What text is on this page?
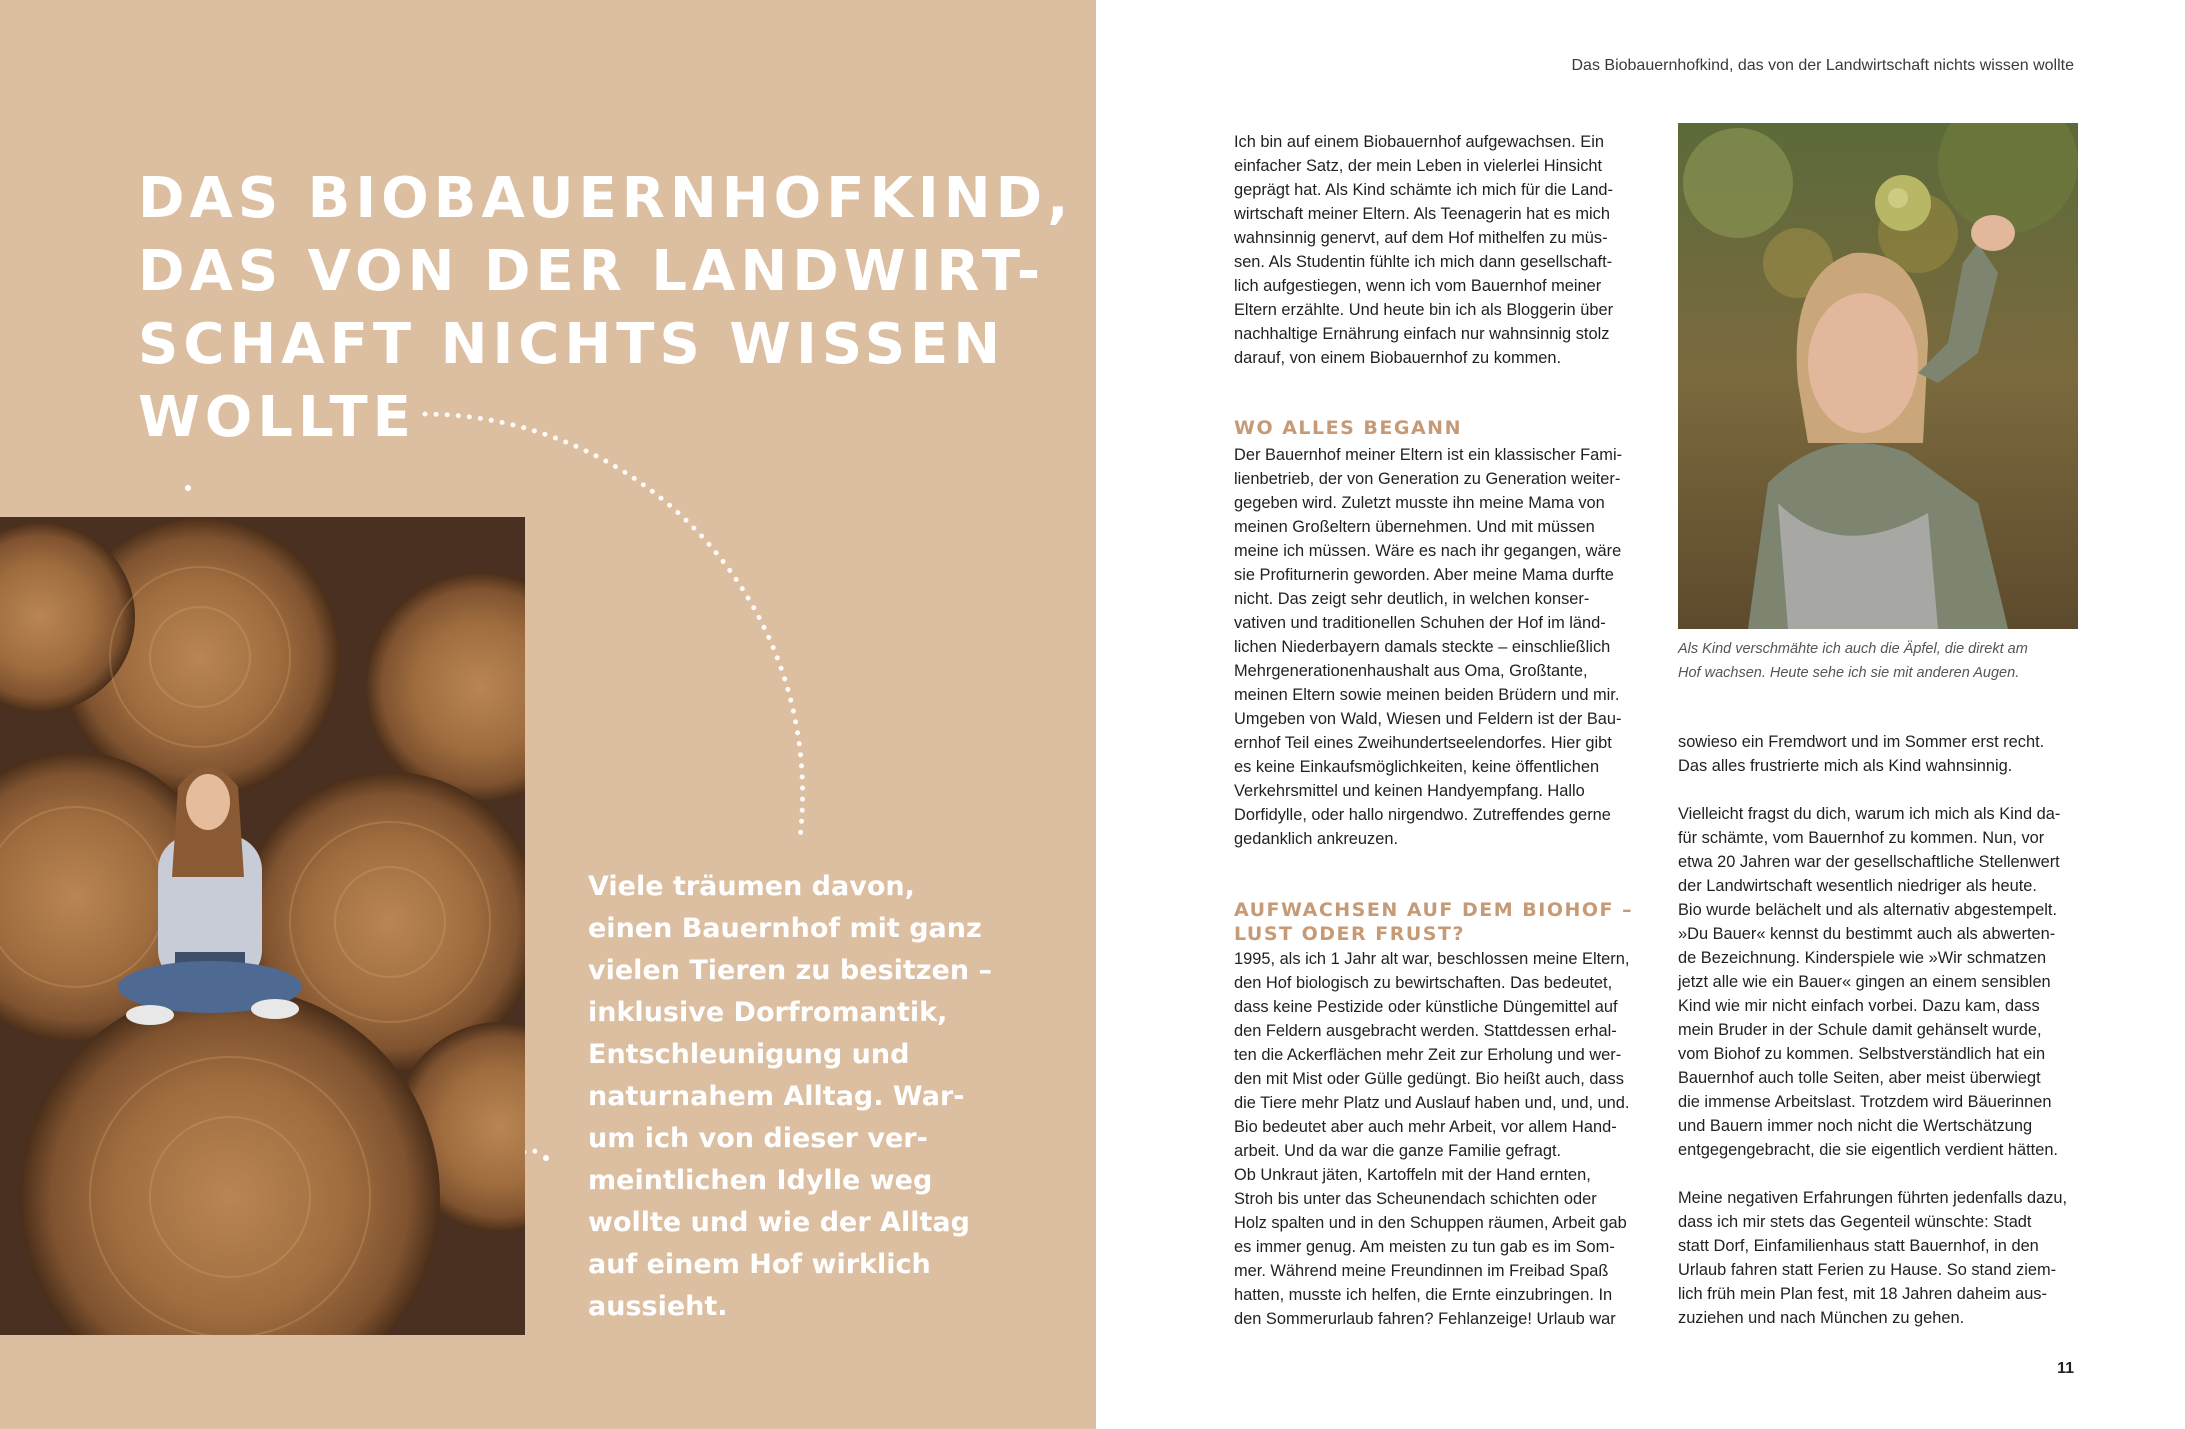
DAS BIOBAUERNHOFKIND,
DAS VON DER LANDWIRT-
SCHAFT NICHTS WISSEN
WOLLTE

Viele träumen davon,
einen Bauernhof mit ganz
vielen Tieren zu besitzen –
inklusive Dorfromantik,
Entschleunigung und
naturnahem Alltag. War-
um ich von dieser ver-
meintlichen Idylle weg
wollte und wie der Alltag
auf einem Hof wirklich
aussieht.

Das Biobauernhofkind, das von der Landwirtschaft nichts wissen wollte
Ich bin auf einem Biobauernhof aufgewachsen. Ein
einfacher Satz, der mein Leben in vielerlei Hinsicht
geprägt hat. Als Kind schämte ich mich für die Land-
wirtschaft meiner Eltern. Als Teenagerin hat es mich
wahnsinnig genervt, auf dem Hof mithelfen zu müs-
sen. Als Studentin fühlte ich mich dann gesellschaft-
lich aufgestiegen, wenn ich vom Bauernhof meiner
Eltern erzählte. Und heute bin ich als Bloggerin über
nachhaltige Ernährung einfach nur wahnsinnig stolz
darauf, von einem Biobauernhof zu kommen.
WO ALLES BEGANN
Der Bauernhof meiner Eltern ist ein klassischer Fami-
lienbetrieb, der von Generation zu Generation weiter-
gegeben wird. Zuletzt musste ihn meine Mama von
meinen Großeltern übernehmen. Und mit müssen
meine ich müssen. Wäre es nach ihr gegangen, wäre
sie Profiturnerin geworden. Aber meine Mama durfte
nicht. Das zeigt sehr deutlich, in welchen konser-
vativen und traditionellen Schuhen der Hof im länd-
lichen Niederbayern damals steckte – einschließlich
Mehrgenerationenhaushalt aus Oma, Großtante,
meinen Eltern sowie meinen beiden Brüdern und mir.
Umgeben von Wald, Wiesen und Feldern ist der Bau-
ernhof Teil eines Zweihundertseelendorfes. Hier gibt
es keine Einkaufsmöglichkeiten, keine öffentlichen
Verkehrsmittel und keinen Handyempfang. Hallo
Dorfidylle, oder hallo nirgendwo. Zutreffendes gerne
gedanklich ankreuzen.
AUFWACHSEN AUF DEM BIOHOF –
LUST ODER FRUST?
1995, als ich 1 Jahr alt war, beschlossen meine Eltern,
den Hof biologisch zu bewirtschaften. Das bedeutet,
dass keine Pestizide oder künstliche Düngemittel auf
den Feldern ausgebracht werden. Stattdessen erhal-
ten die Ackerflächen mehr Zeit zur Erholung und wer-
den mit Mist oder Gülle gedüngt. Bio heißt auch, dass
die Tiere mehr Platz und Auslauf haben und, und, und.
Bio bedeutet aber auch mehr Arbeit, vor allem Hand-
arbeit. Und da war die ganze Familie gefragt.
Ob Unkraut jäten, Kartoffeln mit der Hand ernten,
Stroh bis unter das Scheunendach schichten oder
Holz spalten und in den Schuppen räumen, Arbeit gab
es immer genug. Am meisten zu tun gab es im Som-
mer. Während meine Freundinnen im Freibad Spaß
hatten, musste ich helfen, die Ernte einzubringen. In
den Sommerurlaub fahren? Fehlanzeige! Urlaub war
Als Kind verschmähte ich auch die Äpfel, die direkt am
Hof wachsen. Heute sehe ich sie mit anderen Augen.
sowieso ein Fremdwort und im Sommer erst recht.
Das alles frustrierte mich als Kind wahnsinnig.
Vielleicht fragst du dich, warum ich mich als Kind da-
für schämte, vom Bauernhof zu kommen. Nun, vor
etwa 20 Jahren war der gesellschaftliche Stellenwert
der Landwirtschaft wesentlich niedriger als heute.
Bio wurde belächelt und als alternativ abgestempelt.
»Du Bauer« kennst du bestimmt auch als abwerten-
de Bezeichnung. Kinderspiele wie »Wir schmatzen
jetzt alle wie ein Bauer« gingen an einem sensiblen
Kind wie mir nicht einfach vorbei. Dazu kam, dass
mein Bruder in der Schule damit gehänselt wurde,
vom Biohof zu kommen. Selbstverständlich hat ein
Bauernhof auch tolle Seiten, aber meist überwiegt
die immense Arbeitslast. Trotzdem wird Bäuerinnen
und Bauern immer noch nicht die Wertschätzung
entgegengebracht, die sie eigentlich verdient hätten.
Meine negativen Erfahrungen führten jedenfalls dazu,
dass ich mir stets das Gegenteil wünschte: Stadt
statt Dorf, Einfamilienhaus statt Bauernhof, in den
Urlaub fahren statt Ferien zu Hause. So stand ziem-
lich früh mein Plan fest, mit 18 Jahren daheim aus-
zuziehen und nach München zu gehen.
11
